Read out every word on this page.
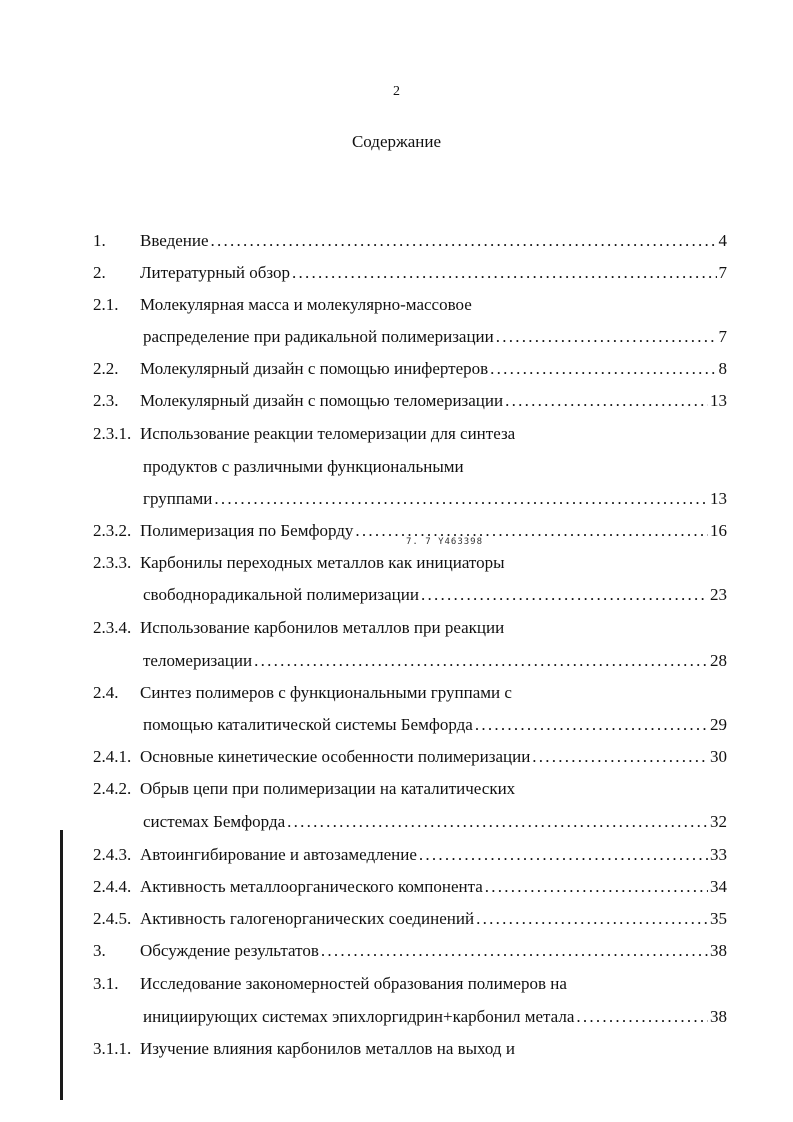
2
Содержание
7. 7 Y463398
1. Введение . . .	4
2. Литературный обзор . . .	7
2.1. Молекулярная масса и молекулярно-массовое
распределение при радикальной полимеризации . . .	7
2.2. Молекулярный дизайн с помощью инифертеров . . .	8
2.3. Молекулярный дизайн с помощью теломеризации . . .	13
2.3.1. Использование реакции теломеризации для синтеза
продуктов с различными функциональными
группами . . .	13
2.3.2. Полимеризация по Бемфорду . . .	16
2.3.3. Карбонилы переходных металлов как инициаторы
свободнорадикальной полимеризации . . .	23
2.3.4. Использование карбонилов металлов при реакции
теломеризации . . .	28
2.4. Синтез полимеров с функциональными группами с
помощью каталитической системы Бемфорда . . .	29
2.4.1. Основные кинетические особенности полимеризации . . .	30
2.4.2. Обрыв цепи при полимеризации на каталитических
системах Бемфорда . . .	32
2.4.3. Автоингибирование и автозамедление . . .	33
2.4.4. Активность металлоорганического компонента . . .	34
2.4.5. Активность галогенорганических соединений . . .	35
3. Обсуждение результатов . . .	38
3.1. Исследование закономерностей образования полимеров на
инициирующих системах эпихлоргидрин+карбонил метала . . .	38
3.1.1. Изучение влияния карбонилов металлов на выход и
